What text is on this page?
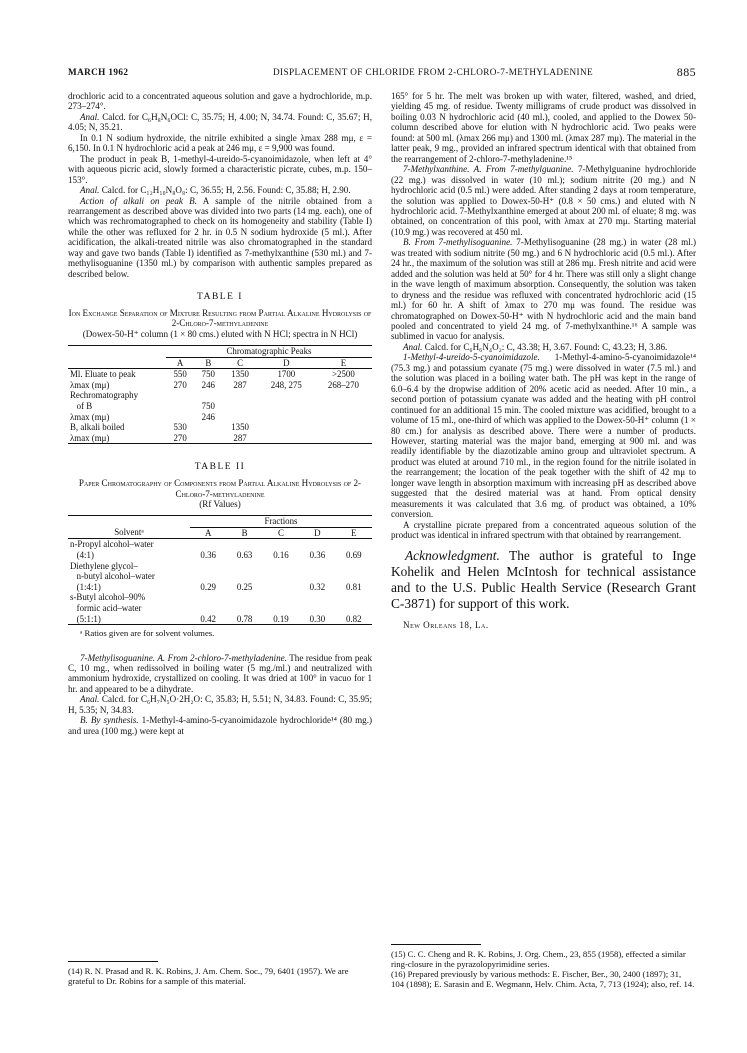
MARCH 1962	DISPLACEMENT OF CHLORIDE FROM 2-CHLORO-7-METHYLADENINE	885

drochloric acid to a concentrated aqueous solution and gave a hydrochloride, m.p. 273–274°.

Anal. Calcd. for C₆H₈N₆OCl: C, 35.75; H, 4.00; N, 34.74. Found: C, 35.67; H, 4.05; N, 35.21.

In 0.1 N sodium hydroxide, the nitrile exhibited a single λmax 288 mμ, ε = 6,150. In 0.1 N hydrochloric acid a peak at 246 mμ, ε = 9,900 was found.

The product in peak B, 1-methyl-4-ureido-5-cyanoimidazole, when left at 4° with aqueous picric acid, slowly formed a characteristic picrate, cubes, m.p. 150–153°.

Anal. Calcd. for C₁₂H₁₀N₈O₈: C, 36.55; H, 2.56. Found: C, 35.88; H, 2.90.

Action of alkali on peak B. A sample of the nitrile obtained from a rearrangement as described above was divided into two parts (14 mg. each), one of which was rechromatographed to check on its homogeneity and stability (Table I) while the other was refluxed for 2 hr. in 0.5 N sodium hydroxide (5 ml.). After acidification, the alkali-treated nitrile was also chromatographed in the standard way and gave two bands (Table I) identified as 7-methylxanthine (530 ml.) and 7-methylisoguanine (1350 ml.) by comparison with authentic samples prepared as described below.

TABLE I
Ion Exchange Separation of Mixture Resulting from Partial Alkaline Hydrolysis of 2-Chloro-7-methyladenine
(Dowex-50-H⁺ column (1 × 80 cms.) eluted with N HCl; spectra in N HCl)
	Chromatographic Peaks				
	A	B	C	D	E
Ml. Eluate to peak	550	750	1350	1700	>2500
λmax (mμ)	270	246	287	248, 275	268–270
Rechromatography					
of B		750			
λmax (mμ)		246			
B, alkali boiled	530		1350		
λmax (mμ)	270		287		
TABLE II
Paper Chromatography of Components from Partial Alkaline Hydrolysis of 2-Chloro-7-methyladenine
(Rf Values)
	Fractions				
Solventᵃ	A	B	C	D	E
n-Propyl alcohol–water					
(4:1)	0.36	0.63	0.16	0.36	0.69
Diethylene glycol–					
n-butyl alcohol–water					
(1:4:1)	0.29	0.25		0.32	0.81
s-Butyl alcohol–90%					
formic acid–water					
(5:1:1)	0.42	0.78	0.19	0.30	0.82

ᵃ Ratios given are for solvent volumes.

7-Methylisoguanine. A. From 2-chloro-7-methyladenine. The residue from peak C, 10 mg., when redissolved in boiling water (5 mg./ml.) and neutralized with ammonium hydroxide, crystallized on cooling. It was dried at 100° in vacuo for 1 hr. and appeared to be a dihydrate.

Anal. Calcd. for C₆H₇N₅O·2H₂O: C, 35.83; H, 5.51; N, 34.83. Found: C, 35.95; H, 5.35; N, 34.83.

B. By synthesis. 1-Methyl-4-amino-5-cyanoimidazole hydrochloride¹⁴ (80 mg.) and urea (100 mg.) were kept at

(14) R. N. Prasad and R. K. Robins, J. Am. Chem. Soc., 79, 6401 (1957). We are grateful to Dr. Robins for a sample of this material.

165° for 5 hr. The melt was broken up with water, filtered, washed, and dried, yielding 45 mg. of residue. Twenty milligrams of crude product was dissolved in boiling 0.03 N hydrochloric acid (40 ml.), cooled, and applied to the Dowex 50-column described above for elution with N hydrochloric acid. Two peaks were found: at 500 ml. (λmax 266 mμ) and 1300 ml. (λmax 287 mμ). The material in the latter peak, 9 mg., provided an infrared spectrum identical with that obtained from the rearrangement of 2-chloro-7-methyladenine.¹⁵

7-Methylxanthine. A. From 7-methylguanine. 7-Methylguanine hydrochloride (22 mg.) was dissolved in water (10 ml.); sodium nitrite (20 mg.) and N hydrochloric acid (0.5 ml.) were added. After standing 2 days at room temperature, the solution was applied to Dowex-50-H⁺ (0.8 × 50 cms.) and eluted with N hydrochloric acid. 7-Methylxanthine emerged at about 200 ml. of eluate; 8 mg. was obtained, on concentration of this pool, with λmax at 270 mμ. Starting material (10.9 mg.) was recovered at 450 ml.

B. From 7-methylisoguanine. 7-Methylisoguanine (28 mg.) in water (28 ml.) was treated with sodium nitrite (50 mg.) and 6 N hydrochloric acid (0.5 ml.). After 24 hr., the maximum of the solution was still at 286 mμ. Fresh nitrite and acid were added and the solution was held at 50° for 4 hr. There was still only a slight change in the wave length of maximum absorption. Consequently, the solution was taken to dryness and the residue was refluxed with concentrated hydrochloric acid (15 ml.) for 60 hr. A shift of λmax to 270 mμ was found. The residue was chromatographed on Dowex-50-H⁺ with N hydrochloric acid and the main band pooled and concentrated to yield 24 mg. of 7-methylxanthine.¹⁶ A sample was sublimed in vacuo for analysis.

Anal. Calcd. for C₆H₆N₄O₂: C, 43.38; H, 3.67. Found: C, 43.23; H, 3.86.

1-Methyl-4-ureido-5-cyanoimidazole. 1-Methyl-4-amino-5-cyanoimidazole¹⁴ (75.3 mg.) and potassium cyanate (75 mg.) were dissolved in water (7.5 ml.) and the solution was placed in a boiling water bath. The pH was kept in the range of 6.0–6.4 by the dropwise addition of 20% acetic acid as needed. After 10 min., a second portion of potassium cyanate was added and the heating with pH control continued for an additional 15 min. The cooled mixture was acidified, brought to a volume of 15 ml., one-third of which was applied to the Dowex-50-H⁺ column (1 × 80 cm.) for analysis as described above. There were a number of products. However, starting material was the major band, emerging at 900 ml. and was readily identifiable by the diazotizable amino group and ultraviolet spectrum. A product was eluted at around 710 ml., in the region found for the nitrile isolated in the rearrangement; the location of the peak together with the shift of 42 mμ to longer wave length in absorption maximum with increasing pH as described above suggested that the desired material was at hand. From optical density measurements it was calculated that 3.6 mg. of product was obtained, a 10% conversion.

A crystalline picrate prepared from a concentrated aqueous solution of the product was identical in infrared spectrum with that obtained by rearrangement.

Acknowledgment. The author is grateful to Inge Kohelik and Helen McIntosh for technical assistance and to the U.S. Public Health Service (Research Grant C-3871) for support of this work.

New Orleans 18, La.

(15) C. C. Cheng and R. K. Robins, J. Org. Chem., 23, 855 (1958), effected a similar ring-closure in the pyrazolopyrimidine series.

(16) Prepared previously by various methods: E. Fischer, Ber., 30, 2400 (1897); 31, 104 (1898); E. Sarasin and E. Wegmann, Helv. Chim. Acta, 7, 713 (1924); also, ref. 14.
